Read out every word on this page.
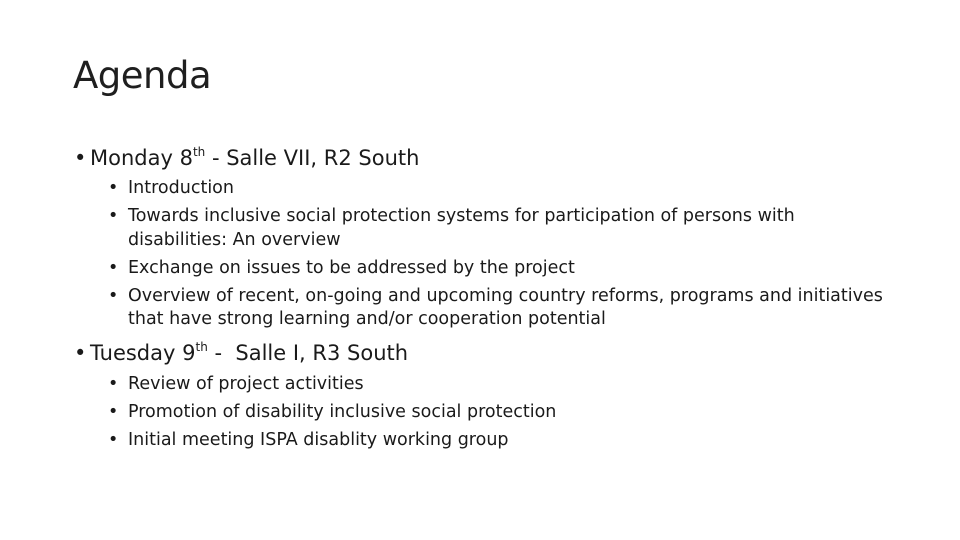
Agenda
• Monday 8 th - Salle VII, R2 South
• Introduction
• Towards inclusive social protection systems for participation of persons with disabilities: An overview
• Exchange on issues to be addressed by the project
• Overview of recent, on-going and upcoming country reforms, programs and initiatives that have strong learning and/or cooperation potential
• Tuesday 9 th -  Salle I, R3 South
• Review of project activities
• Promotion of disability inclusive social protection
• Initial meeting ISPA disablity working group
